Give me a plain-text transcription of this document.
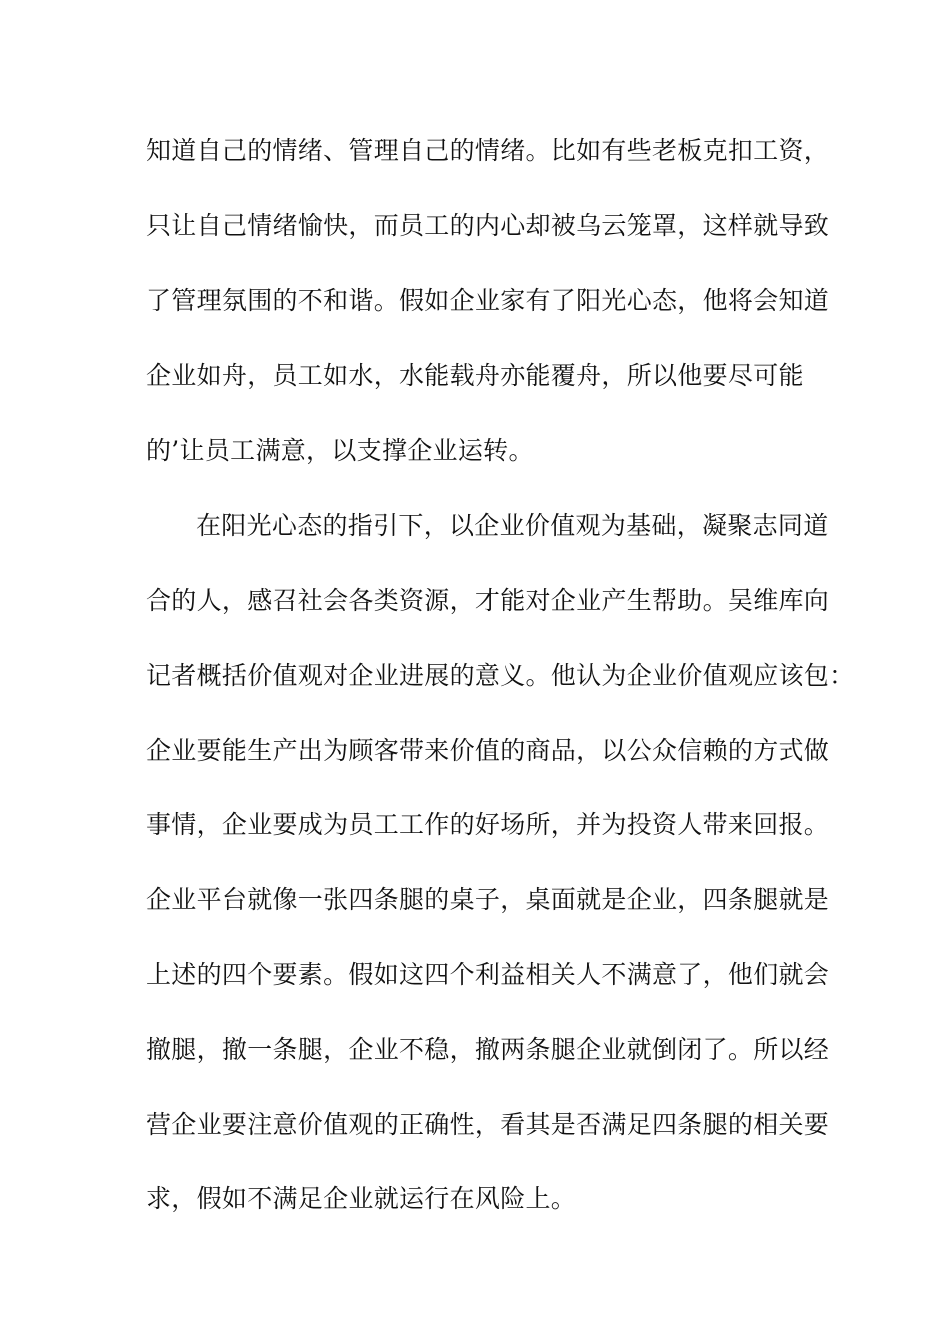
知道自己的情绪、管理自己的情绪。比如有些老板克扣工资，
只让自己情绪愉快，而员工的内心却被乌云笼罩，这样就导致
了管理氛围的不和谐。假如企业家有了阳光心态，他将会知道
企业如舟，员工如水，水能载舟亦能覆舟，所以他要尽可能
的’让员工满意，以支撑企业运转。
在阳光心态的指引下，以企业价值观为基础，凝聚志同道
合的人，感召社会各类资源，才能对企业产生帮助。吴维库向
记者概括价值观对企业进展的意义。他认为企业价值观应该包：
企业要能生产出为顾客带来价值的商品，以公众信赖的方式做
事情，企业要成为员工工作的好场所，并为投资人带来回报。
企业平台就像一张四条腿的桌子，桌面就是企业，四条腿就是
上述的四个要素。假如这四个利益相关人不满意了，他们就会
撤腿，撤一条腿，企业不稳，撤两条腿企业就倒闭了。所以经
营企业要注意价值观的正确性，看其是否满足四条腿的相关要
求，假如不满足企业就运行在风险上。
